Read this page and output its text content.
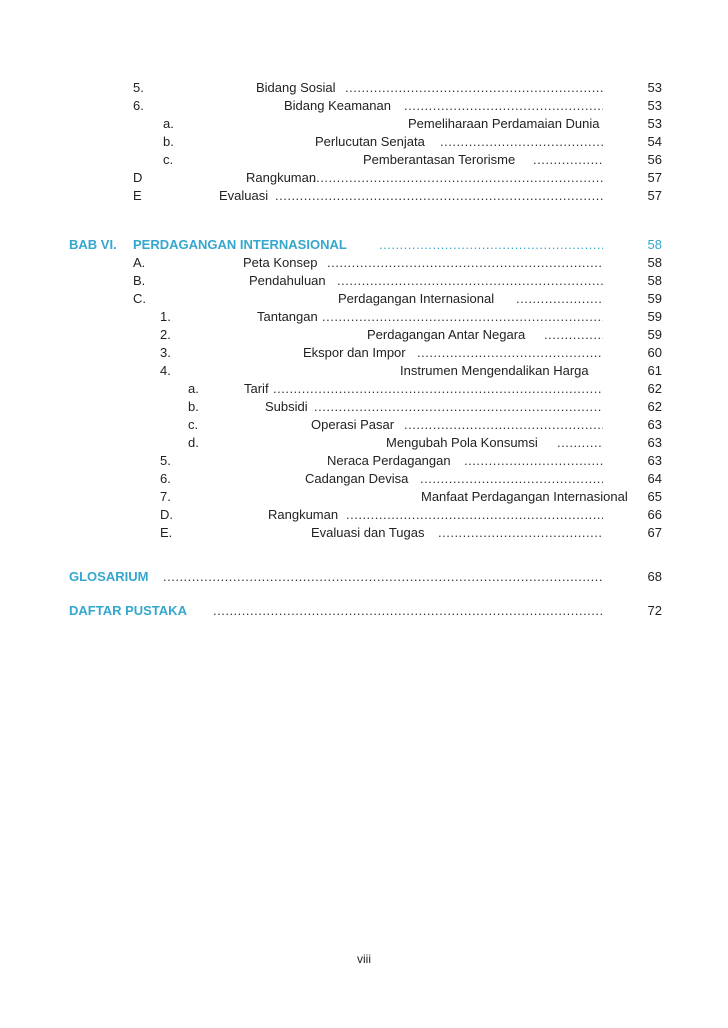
5.	Bidang Sosial .....	53
6.	Bidang Keamanan .....	53
a.	Pemeliharaan Perdamaian Dunia	53
b.	Perlucutan Senjata .....	54
c.	Pemberantasan Terorisme .....	56
D	Rangkuman .....	57
E	Evaluasi .....	57
BAB VI. PERDAGANGAN INTERNASIONAL .....	58
A.	Peta Konsep .....	58
B.	Pendahuluan .....	58
C.	Perdagangan Internasional .....	59
1.	Tantangan .....	59
2.	Perdagangan Antar Negara .....	59
3.	Ekspor dan Impor .....	60
4.	Instrumen Mengendalikan Harga	61
a.	Tarif .....	62
b.	Subsidi .....	62
c.	Operasi Pasar .....	63
d.	Mengubah Pola Konsumsi .....	63
5.	Neraca Perdagangan .....	63
6.	Cadangan Devisa .....	64
7.	Manfaat Perdagangan Internasional 65
D.	Rangkuman .....	66
E.	Evaluasi dan Tugas .....	67
GLOSARIUM .....	68
DAFTAR PUSTAKA .....	72
viii
